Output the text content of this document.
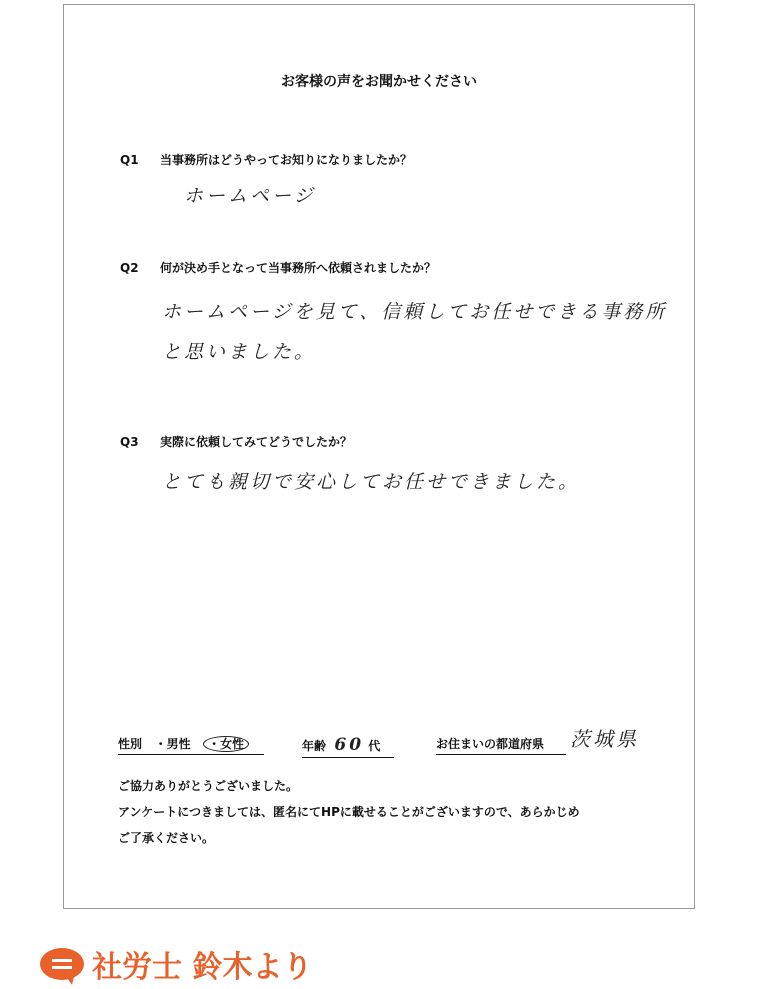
お客様の声をお聞かせください
Q1 当事務所はどうやってお知りになりましたか？
ホームページ
Q2 何が決め手となって当事務所へ依頼されましたか？
ホームページを見て、信頼してお任せできる事務所
と思いました。
Q3 実際に依頼してみてどうでしたか？
とても親切で安心してお任せできました。
性別 ・男性 ・女性	年齢 60 代	お住まいの都道府県	茨城県
ご協力ありがとうございました。
アンケートにつきましては、匿名にてHPに載せることがございますので、あらかじめ
ご了承ください。
社労士 鈴木より
